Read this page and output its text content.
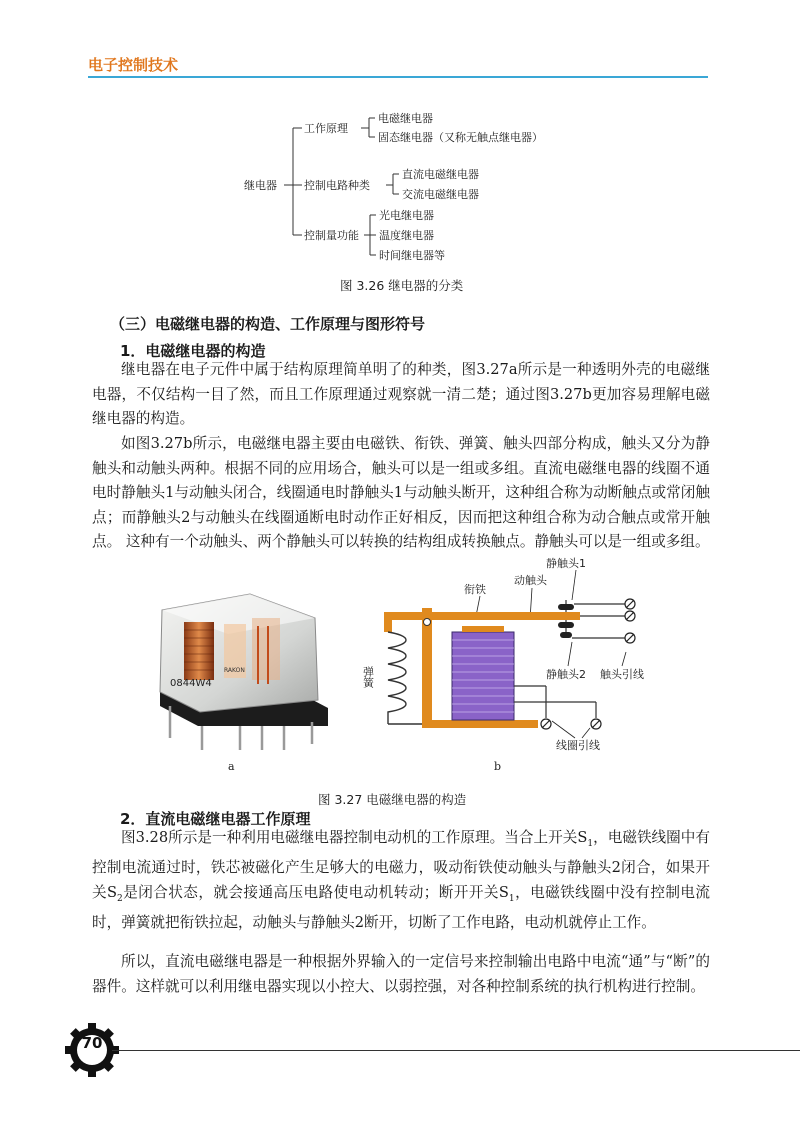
电子控制技术
继电器
工作原理
控制电路种类
控制量功能
电磁继电器
固态继电器（又称无触点继电器）
直流电磁继电器
交流电磁继电器
光电继电器
温度继电器
时间继电器等
图 3.26 继电器的分类
（三）电磁继电器的构造、工作原理与图形符号
1．电磁继电器的构造

继电器在电子元件中属于结构原理简单明了的种类，图3.27a所示是一种透明外壳的电磁继电器，不仅结构一目了然，而且工作原理通过观察就一清二楚；通过图3.27b更加容易理解电磁继电器的构造。

如图3.27b所示，电磁继电器主要由电磁铁、衔铁、弹簧、触头四部分构成，触头又分为静触头和动触头两种。根据不同的应用场合，触头可以是一组或多组。直流电磁继电器的线圈不通电时静触头1与动触头闭合，线圈通电时静触头1与动触头断开，这种组合称为动断触点或常闭触点；而静触头2与动触头在线圈通断电时动作正好相反，因而把这种组合称为动合触点或常开触点。 这种有一个动触头、两个静触头可以转换的结构组成转换触点。静触头可以是一组或多组。

RAKON
0844W4
a
静触头1
衔铁
动触头
静触头2 触头引线
线圈引线
弹簧
b
图 3.27 电磁继电器的构造
2．直流电磁继电器工作原理

图3.28所示是一种利用电磁继电器控制电动机的工作原理。当合上开关$S_1$，电磁铁线圈中有控制电流通过时，铁芯被磁化产生足够大的电磁力，吸动衔铁使动触头与静触头2闭合，如果开关$S_2$是闭合状态，就会接通高压电路使电动机转动；断开开关$S_1$，电磁铁线圈中没有控制电流时，弹簧就把衔铁拉起，动触头与静触头2断开，切断了工作电路，电动机就停止工作。

所以，直流电磁继电器是一种根据外界输入的一定信号来控制输出电路中电流“通”与“断”的器件。这样就可以利用继电器实现以小控大、以弱控强，对各种控制系统的执行机构进行控制。

70
